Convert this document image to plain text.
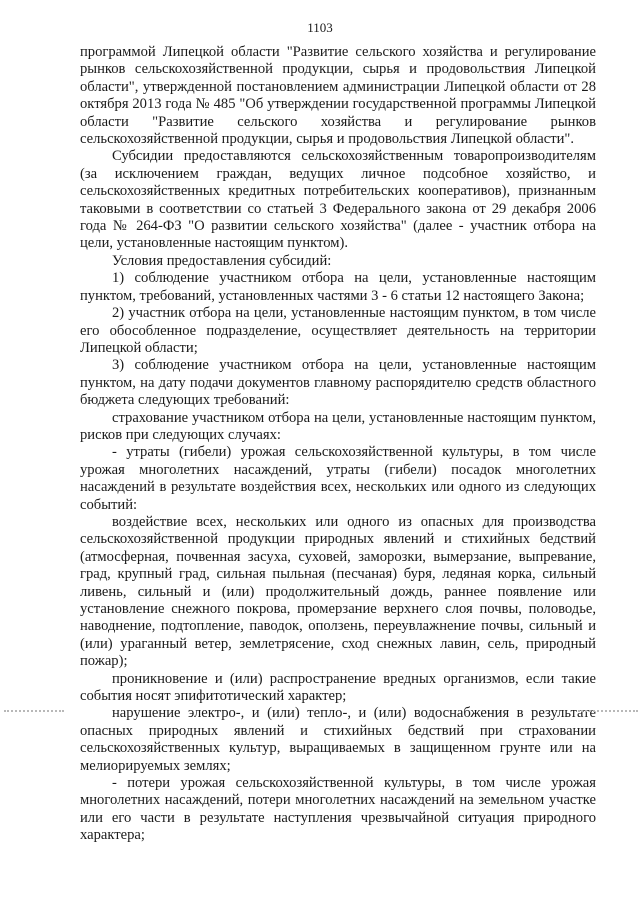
1103

программой Липецкой области "Развитие сельского хозяйства и регулирование рынков сельскохозяйственной продукции, сырья и продовольствия Липецкой области", утвержденной постановлением администрации Липецкой области от 28 октября 2013 года № 485 "Об утверждении государственной программы Липецкой области "Развитие сельского хозяйства и регулирование рынков сельскохозяйственной продукции, сырья и продовольствия Липецкой области".

Субсидии предоставляются сельскохозяйственным товаропроизводителям (за исключением граждан, ведущих личное подсобное хозяйство, и сельскохозяйственных кредитных потребительских кооперативов), признанным таковыми в соответствии со статьей 3 Федерального закона от 29 декабря 2006 года № 264-ФЗ "О развитии сельского хозяйства" (далее - участник отбора на цели, установленные настоящим пунктом).

Условия предоставления субсидий:

1) соблюдение участником отбора на цели, установленные настоящим пунктом, требований, установленных частями 3 - 6 статьи 12 настоящего Закона;

2) участник отбора на цели, установленные настоящим пунктом, в том числе его обособленное подразделение, осуществляет деятельность на территории Липецкой области;

3) соблюдение участником отбора на цели, установленные настоящим пунктом, на дату подачи документов главному распорядителю средств областного бюджета следующих требований:

страхование участником отбора на цели, установленные настоящим пунктом, рисков при следующих случаях:

- утраты (гибели) урожая сельскохозяйственной культуры, в том числе урожая многолетних насаждений, утраты (гибели) посадок многолетних насаждений в результате воздействия всех, нескольких или одного из следующих событий:

воздействие всех, нескольких или одного из опасных для производства сельскохозяйственной продукции природных явлений и стихийных бедствий (атмосферная, почвенная засуха, суховей, заморозки, вымерзание, выпревание, град, крупный град, сильная пыльная (песчаная) буря, ледяная корка, сильный ливень, сильный и (или) продолжительный дождь, раннее появление или установление снежного покрова, промерзание верхнего слоя почвы, половодье, наводнение, подтопление, паводок, оползень, переувлажнение почвы, сильный и (или) ураганный ветер, землетрясение, сход снежных лавин, сель, природный пожар);

проникновение и (или) распространение вредных организмов, если такие события носят эпифитотический характер;

нарушение электро-, и (или) тепло-, и (или) водоснабжения в результате опасных природных явлений и стихийных бедствий при страховании сельскохозяйственных культур, выращиваемых в защищенном грунте или на мелиорируемых землях;

- потери урожая сельскохозяйственной культуры, в том числе урожая многолетних насаждений, потери многолетних насаждений на земельном участке или его части в результате наступления чрезвычайной ситуация природного характера;
